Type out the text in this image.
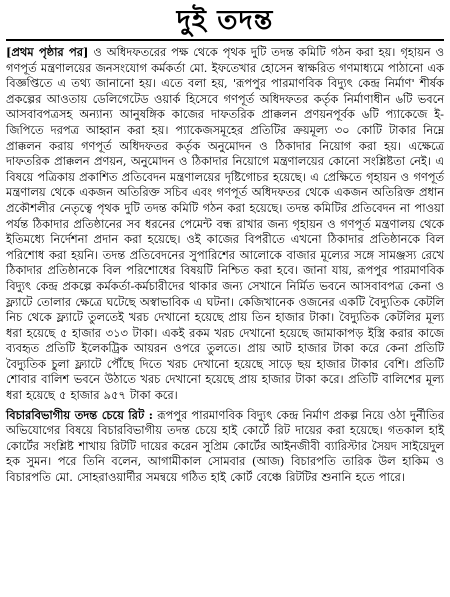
দুই তদন্ত

[প্রথম পৃষ্ঠার পর] ও অধিদফতরের পক্ষ থেকে পৃথক দুটি তদন্ত কমিটি গঠন করা হয়। গৃহায়ন ও গণপূর্ত মন্ত্রণালয়ের জনসংযোগ কর্মকর্তা মো. ইফতেখার হোসেন স্বাক্ষরিত গণমাধ্যমে পাঠানো এক বিজ্ঞপ্তিতে এ তথ্য জানানো হয়। এতে বলা হয়, 'রূপপুর পারমাণবিক বিদ্যুৎ কেন্দ্র নির্মাণ' শীর্ষক প্রকল্পের আওতায় ডেলিগেটেড ওয়ার্ক হিসেবে গণপূর্ত অধিদফতর কর্তৃক নির্মাণাধীন ৬টি ভবনে আসবাবপত্রসহ অন্যান্য আনুষঙ্গিক কাজের দাফতরিক প্রাক্কলন প্রণয়নপূর্বক ৬টি প্যাকেজে ই-জিপিতে দরপত্র আহ্বান করা হয়। প্যাকেজসমূহের প্রতিটির ক্রয়মূল্য ৩০ কোটি টাকার নিম্নে প্রাক্কলন করায় গণপূর্ত অধিদফতর কর্তৃক অনুমোদন ও ঠিকাদার নিয়োগ করা হয়। এক্ষেত্রে দাফতরিক প্রাক্কলন প্রণয়ন, অনুমোদন ও ঠিকাদার নিয়োগে মন্ত্রণালয়ের কোনো সংশ্লিষ্টতা নেই। এ বিষয়ে পত্রিকায় প্রকাশিত প্রতিবেদন মন্ত্রণালয়ের দৃষ্টিগোচর হয়েছে। এ প্রেক্ষিতে গৃহায়ন ও গণপূর্ত মন্ত্রণালয় থেকে একজন অতিরিক্ত সচিব এবং গণপূর্ত অধিদফতর থেকে একজন অতিরিক্ত প্রধান প্রকৌশলীর নেতৃত্বে পৃথক দুটি তদন্ত কমিটি গঠন করা হয়েছে। তদন্ত কমিটির প্রতিবেদন না পাওয়া পর্যন্ত ঠিকাদার প্রতিষ্ঠানের সব ধরনের পেমেন্ট বন্ধ রাখার জন্য গৃহায়ন ও গণপূর্ত মন্ত্রণালয় থেকে ইতিমধ্যে নির্দেশনা প্রদান করা হয়েছে। ওই কাজের বিপরীতে এখনো ঠিকাদার প্রতিষ্ঠানকে বিল পরিশোধ করা হয়নি। তদন্ত প্রতিবেদনের সুপারিশের আলোকে বাজার মূল্যের সঙ্গে সামঞ্জস্য রেখে ঠিকাদার প্রতিষ্ঠানকে বিল পরিশোধের বিষয়টি নিশ্চিত করা হবে। জানা যায়, রূপপুর পারমাণবিক বিদ্যুৎ কেন্দ্র প্রকল্পে কর্মকর্তা-কর্মচারীদের থাকার জন্য সেখানে নির্মিত ভবনে আসবাবপত্র কেনা ও ফ্ল্যাটে তোলার ক্ষেত্রে ঘটেছে অস্বাভাবিক এ ঘটনা। কেজিখানেক ওজনের একটি বৈদ্যুতিক কেটলি নিচ থেকে ফ্ল্যাটে তুলতেই খরচ দেখানো হয়েছে প্রায় তিন হাজার টাকা। বৈদ্যুতিক কেটলির মূল্য ধরা হয়েছে ৫ হাজার ৩১৩ টাকা। একই রকম খরচ দেখানো হয়েছে জামাকাপড় ইস্ত্রি করার কাজে ব্যবহৃত প্রতিটি ইলেকট্রিক আয়রন ওপরে তুলতে। প্রায় আট হাজার টাকা করে কেনা প্রতিটি বৈদ্যুতিক চুলা ফ্ল্যাটে পৌঁছে দিতে খরচ দেখানো হয়েছে সাড়ে ছয় হাজার টাকার বেশি। প্রতিটি শোবার বালিশ ভবনে উঠাতে খরচ দেখানো হয়েছে প্রায় হাজার টাকা করে। প্রতিটি বালিশের মূল্য ধরা হয়েছে ৫ হাজার ৯৫৭ টাকা করে।

বিচারবিভাগীয় তদন্ত চেয়ে রিট : রূপপুর পারমাণবিক বিদ্যুৎ কেন্দ্র নির্মাণ প্রকল্প নিয়ে ওঠা দুর্নীতির অভিযোগের বিষয়ে বিচারবিভাগীয় তদন্ত চেয়ে হাই কোর্টে রিট দায়ের করা হয়েছে। গতকাল হাই কোর্টের সংশ্লিষ্ট শাখায় রিটটি দায়ের করেন সুপ্রিম কোর্টের আইনজীবী ব্যারিস্টার সৈয়দ সাইয়েদুল হক সুমন। পরে তিনি বলেন, আগামীকাল সোমবার (আজ) বিচারপতি তারিক উল হাকিম ও বিচারপতি মো. সোহরাওয়ার্দীর সমন্বয়ে গঠিত হাই কোর্ট বেঞ্চে রিটটির শুনানি হতে পারে।
